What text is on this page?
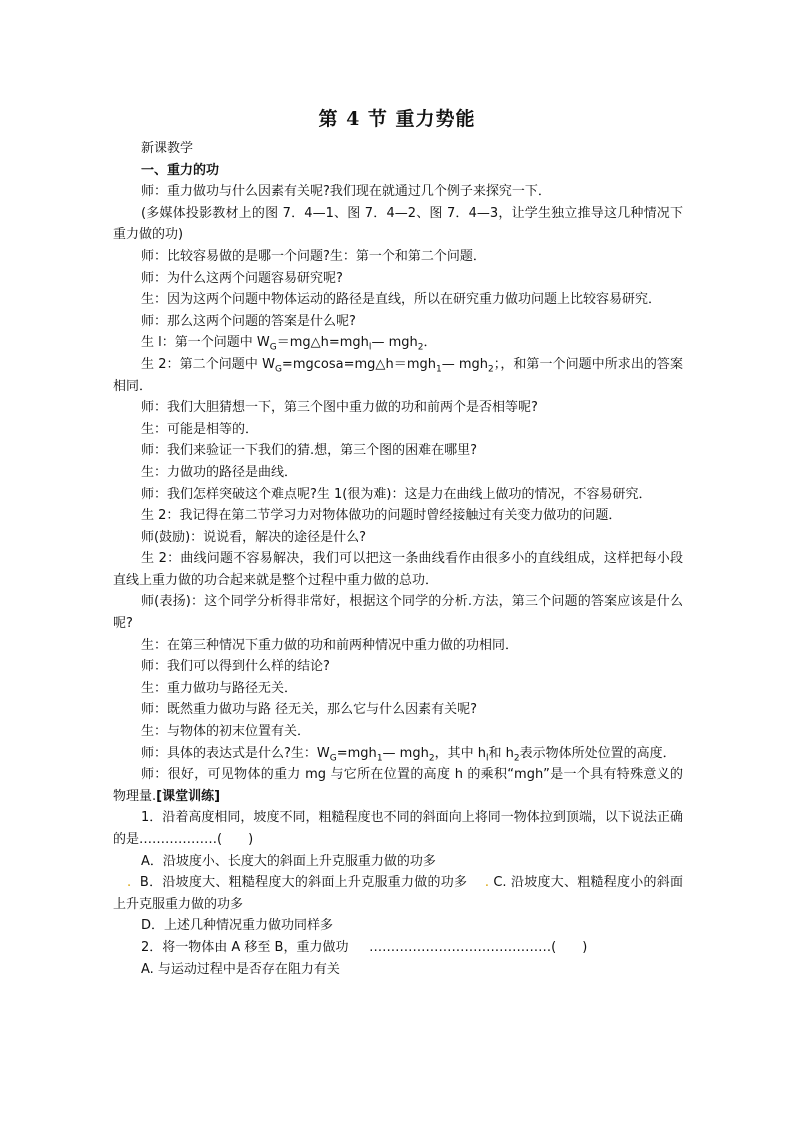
第 4 节 重力势能

新课教学

一、重力的功

师：重力做功与什么因素有关呢?我们现在就通过几个例子来探究一下．

(多媒体投影教材上的图 7．4—1、图 7．4—2、图 7．4—3，让学生独立推导这几种情况下重力做的功)

师：比较容易做的是哪一个问题?生：第一个和第二个问题．

师：为什么这两个问题容易研究呢?

生：因为这两个问题中物体运动的路径是直线，所以在研究重力做功问题上比较容易研究．

师：那么这两个问题的答案是什么呢?

生 l：第一个问题中 $W_G=mg\triangle h=mgh_l—$ mgh$_2$．

生 2：第二个问题中 $W_G=mgcosa=mg\triangle h=mgh_1—$ mgh$_2$；，和第一个问题中所求出的答案相同．

师：我们大胆猜想一下，第三个图中重力做的功和前两个是否相等呢?

生：可能是相等的．

师：我们来验证一下我们的猜.想，第三个图的困难在哪里?

生：力做功的路径是曲线．

师：我们怎样突破这个难点呢?生 1(很为难)：这是力在曲线上做功的情况，不容易研究．

生 2：我记得在第二节学习力对物体做功的问题时曾经接触过有关变力做功的问题．

师(鼓励)：说说看，解决的途径是什么?

生 2：曲线问题不容易解决，我们可以把这一条曲线看作由很多小的直线组成，这样把每小段直线上重力做的功合起来就是整个过程中重力做的总功．

师(表扬)：这个同学分析得非常好，根据这个同学的分析.方法，第三个问题的答案应该是什么呢?

生：在第三种情况下重力做的功和前两种情况中重力做的功相同．

师：我们可以得到什么样的结论?

生：重力做功与路径无关．

师：既然重力做功与路 径无关，那么它与什么因素有关呢?

生：与物体的初末位置有关．

师：具体的表达式是什么?生：$W_G=mgh_1—$ mgh$_2$，其中 $h_l$和 $h_2$表示物体所处位置的高度．

师：很好，可见物体的重力 mg 与它所在位置的高度 h 的乘积“mgh”是一个具有特殊意义的物理量.[课堂训练]

1．沿着高度相同，坡度不同，粗糙程度也不同的斜面向上将同一物体拉到顶端，以下说法正确的是………………(　　)

A．沿坡度小、长度大的斜面上升克服重力做的功多

. B．沿坡度大、粗糙程度大的斜面上升克服重力做的功多 . C. 沿坡度大、粗糙程度小的斜面上升克服重力做的功多

D．上述几种情况重力做功同样多

2．将一物体由 A 移至 B，重力做功 ……………………………………(　　)

A. 与运动过程中是否存在阻力有关
